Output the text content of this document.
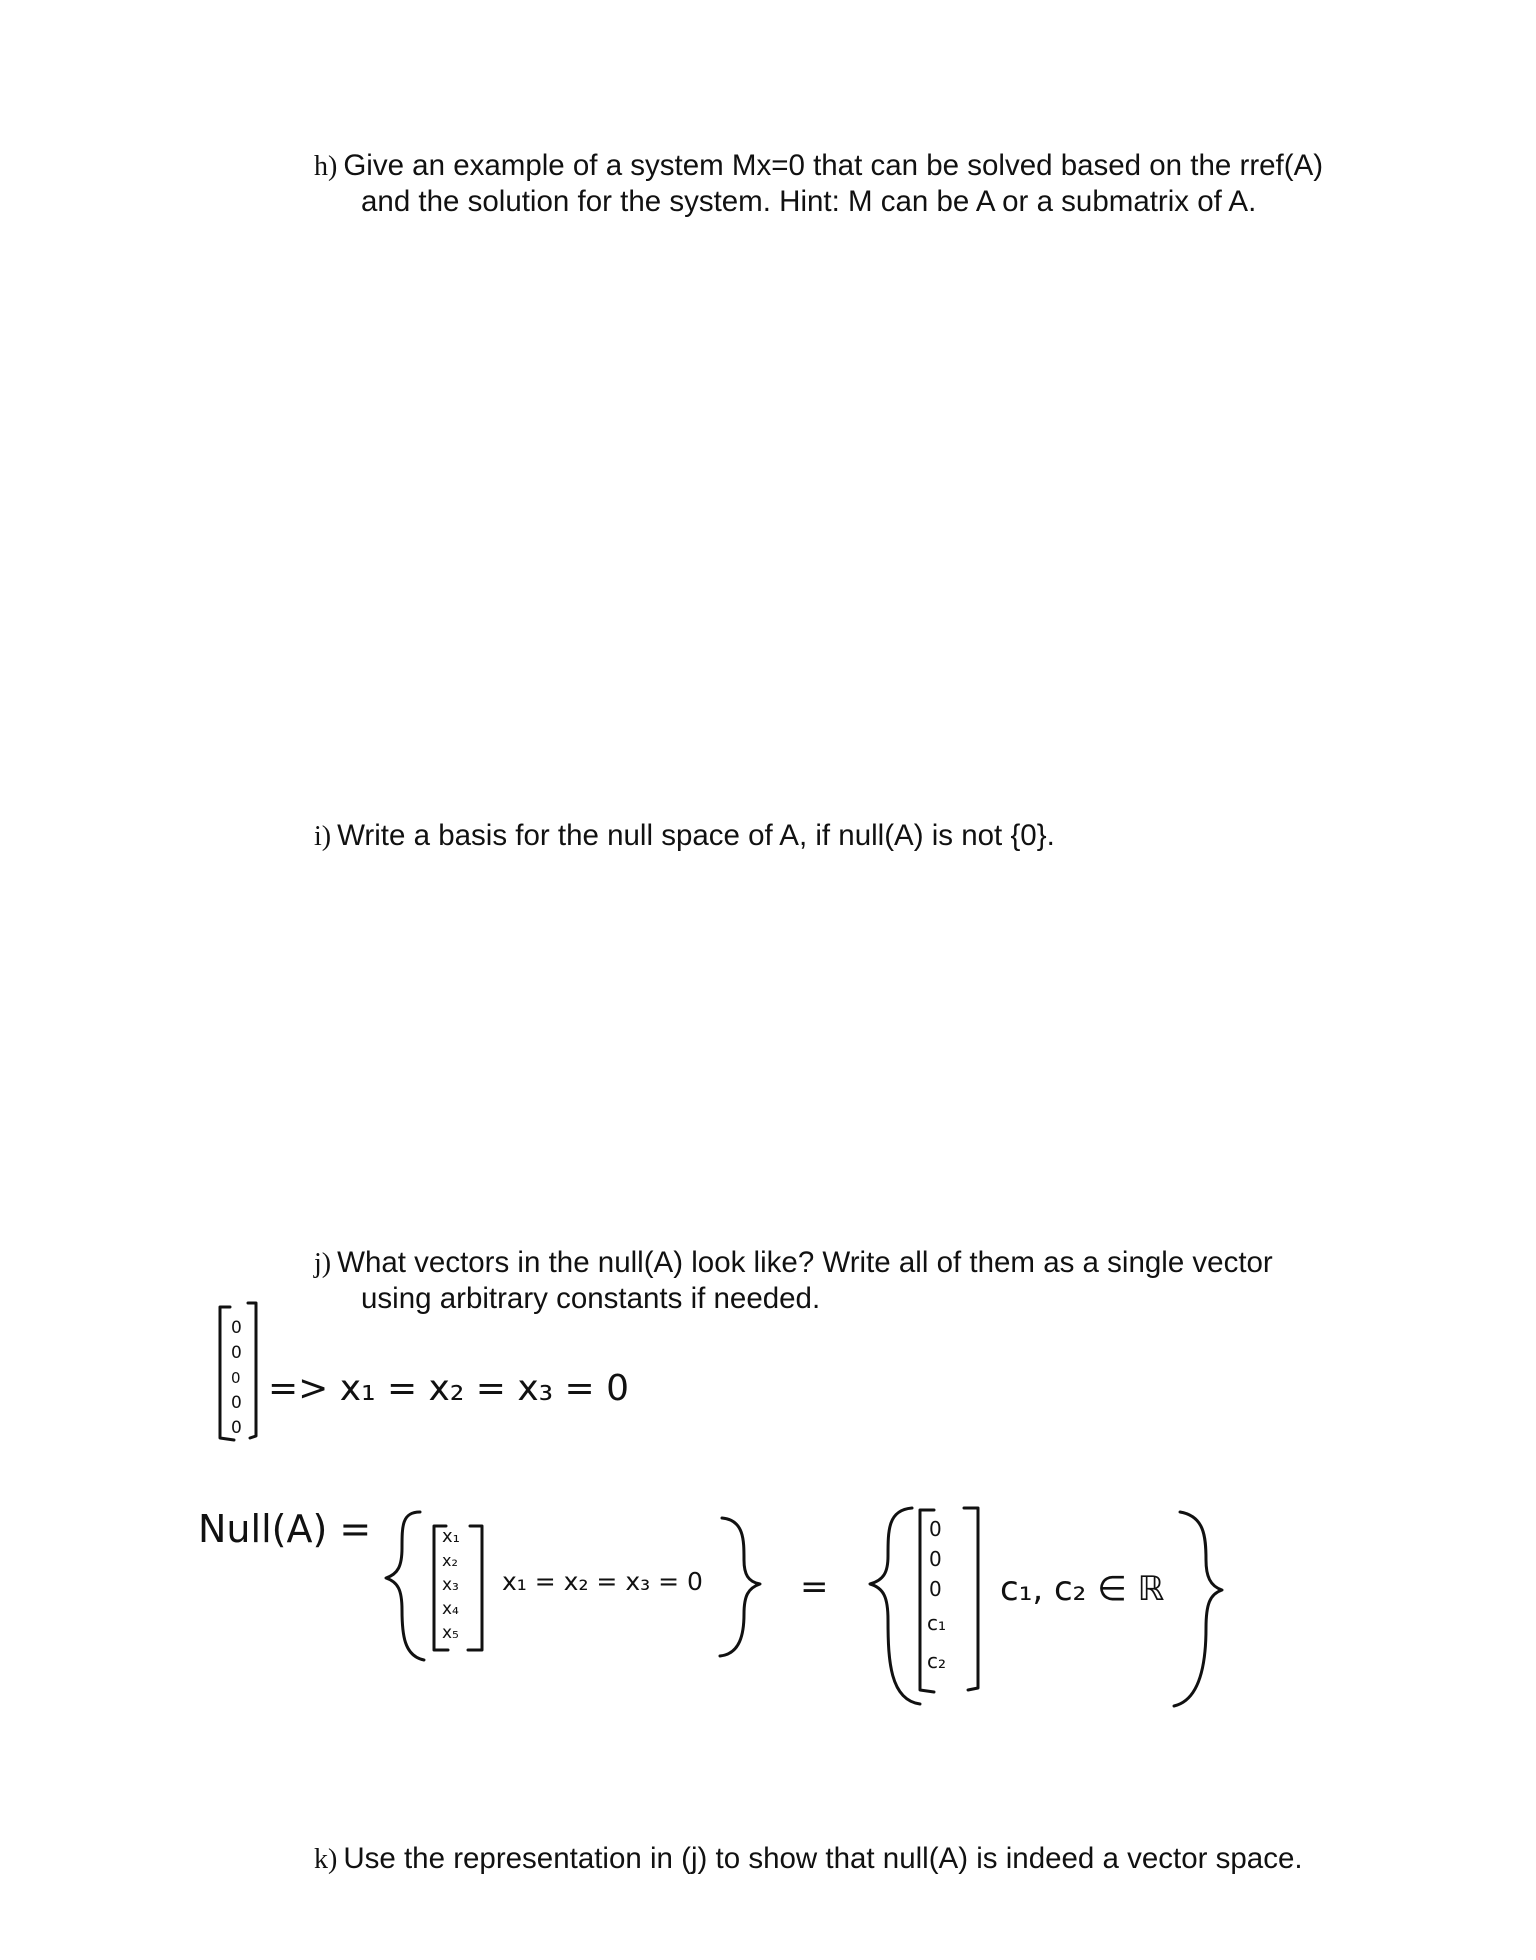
h) Give an example of a system Mx=0 that can be solved based on the rref(A)
and the solution for the system. Hint: M can be A or a submatrix of A.
i) Write a basis for the null space of A, if null(A) is not {0}.
j) What vectors in the null(A) look like? Write all of them as a single vector
using arbitrary constants if needed.
k) Use the representation in (j) to show that null(A) is indeed a vector space.
0
0
0
0
0
=> x₁ = x₂ = x₃ = 0
Null(A) =	x₁
x₂
x₃
x₄
x₅
x₁ = x₂ = x₃ = 0	=
0
0
0
c₁
c₂
c₁, c₂ ∈ ℝ
